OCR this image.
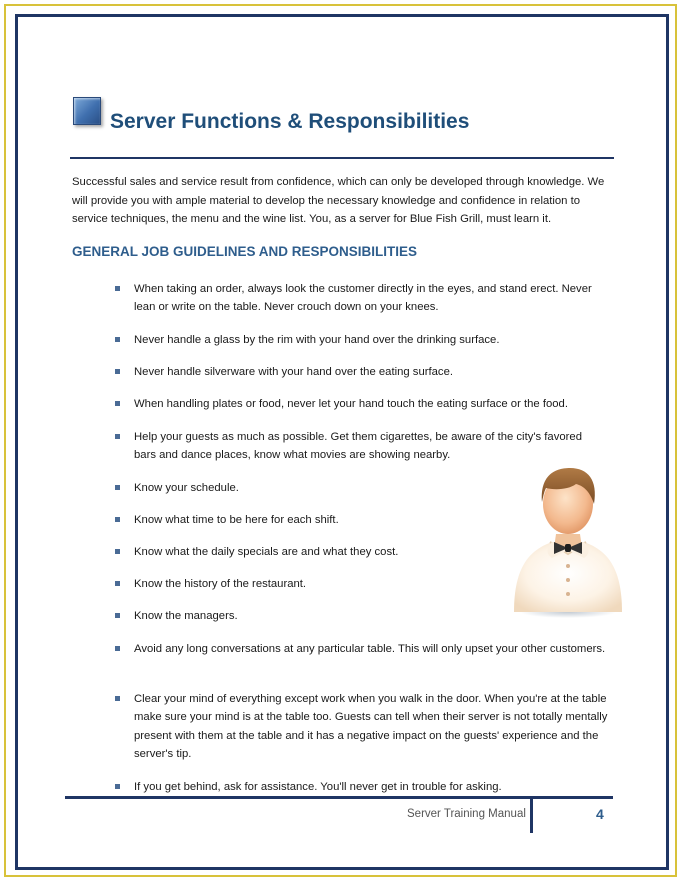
Server Functions & Responsibilities

Successful sales and service result from confidence, which can only be developed through knowledge. We will provide you with ample material to develop the necessary knowledge and confidence in relation to service techniques, the menu and the wine list. You, as a server for Blue Fish Grill, must learn it.

GENERAL JOB GUIDELINES AND RESPONSIBILITIES
When taking an order, always look the customer directly in the eyes, and stand erect. Never lean or write on the table. Never crouch down on your knees.
Never handle a glass by the rim with your hand over the drinking surface.
Never handle silverware with your hand over the eating surface.
When handling plates or food, never let your hand touch the eating surface or the food.
Help your guests as much as possible. Get them cigarettes, be aware of the city's favored bars and dance places, know what movies are showing nearby.
Know your schedule.
Know what time to be here for each shift.
Know what the daily specials are and what they cost.
Know the history of the restaurant.
Know the managers.
Avoid any long conversations at any particular table. This will only upset your other customers.
Clear your mind of everything except work when you walk in the door. When you're at the table make sure your mind is at the table too. Guests can tell when their server is not totally mentally present with them at the table and it has a negative impact on the guests' experience and the server's tip.
If you get behind, ask for assistance. You'll never get in trouble for asking.
Server Training Manual	4
